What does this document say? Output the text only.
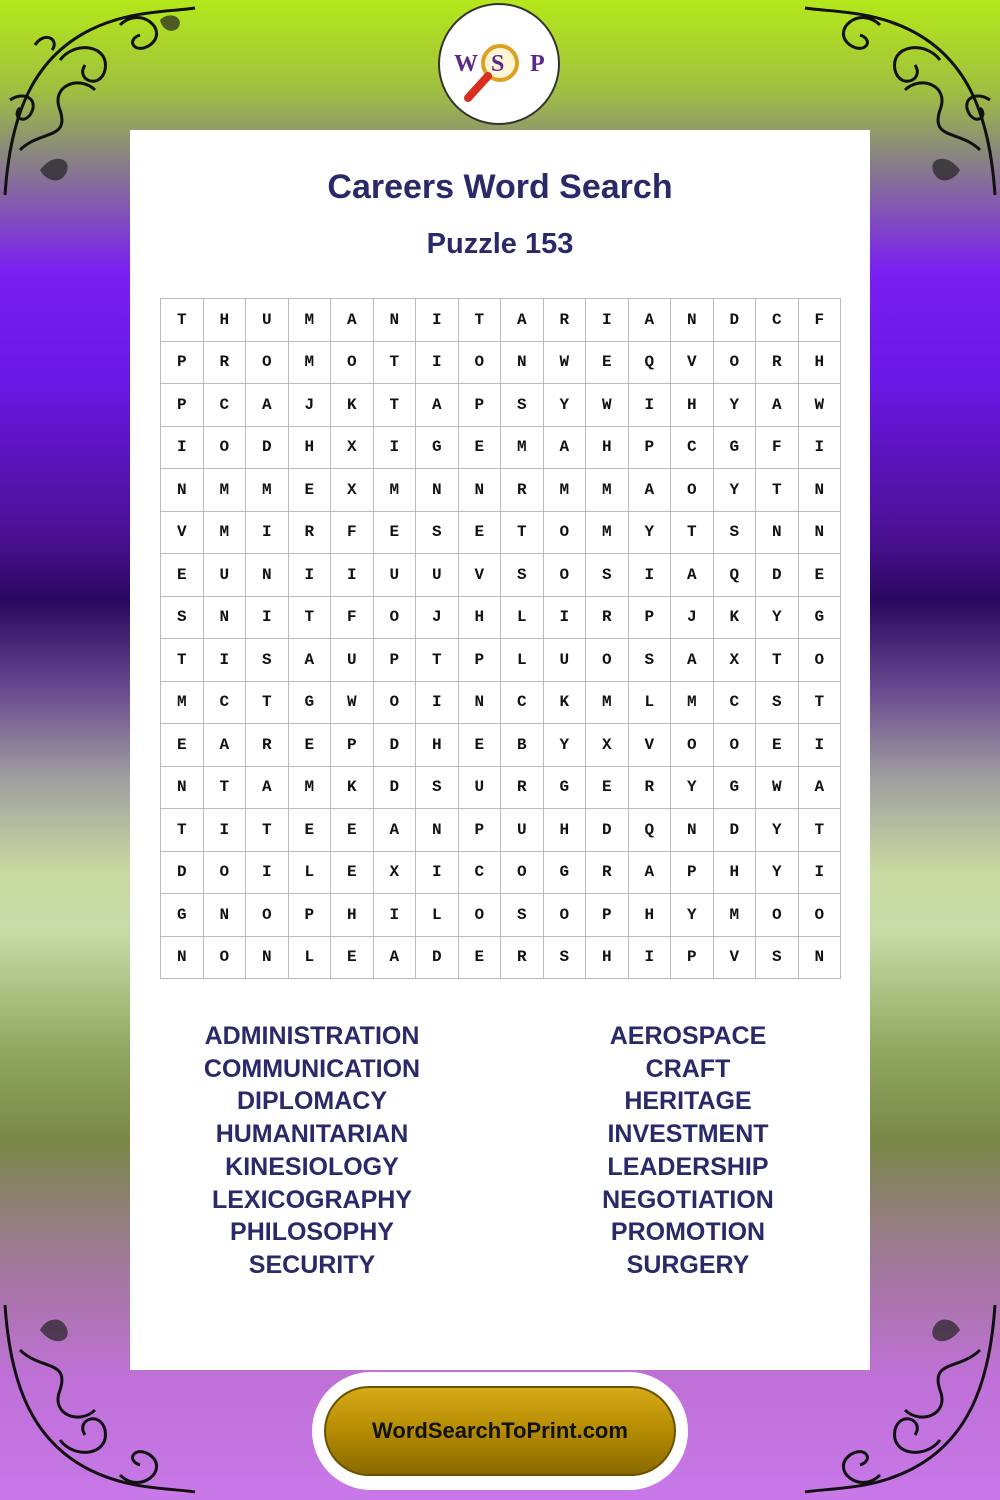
W S P
Careers Word Search
Puzzle 153
T	H	U	M	A	N	I	T	A	R	I	A	N	D	C	F
P	R	O	M	O	T	I	O	N	W	E	Q	V	O	R	H
P	C	A	J	K	T	A	P	S	Y	W	I	H	Y	A	W
I	O	D	H	X	I	G	E	M	A	H	P	C	G	F	I
N	M	M	E	X	M	N	N	R	M	M	A	O	Y	T	N
V	M	I	R	F	E	S	E	T	O	M	Y	T	S	N	N
E	U	N	I	I	U	U	V	S	O	S	I	A	Q	D	E
S	N	I	T	F	O	J	H	L	I	R	P	J	K	Y	G
T	I	S	A	U	P	T	P	L	U	O	S	A	X	T	O
M	C	T	G	W	O	I	N	C	K	M	L	M	C	S	T
E	A	R	E	P	D	H	E	B	Y	X	V	O	O	E	I
N	T	A	M	K	D	S	U	R	G	E	R	Y	G	W	A
T	I	T	E	E	A	N	P	U	H	D	Q	N	D	Y	T
D	O	I	L	E	X	I	C	O	G	R	A	P	H	Y	I
G	N	O	P	H	I	L	O	S	O	P	H	Y	M	O	O
N	O	N	L	E	A	D	E	R	S	H	I	P	V	S	N
ADMINISTRATION
COMMUNICATION
DIPLOMACY
HUMANITARIAN
KINESIOLOGY
LEXICOGRAPHY
PHILOSOPHY
SECURITY
AEROSPACE
CRAFT
HERITAGE
INVESTMENT
LEADERSHIP
NEGOTIATION
PROMOTION
SURGERY
WordSearchToPrint.com
